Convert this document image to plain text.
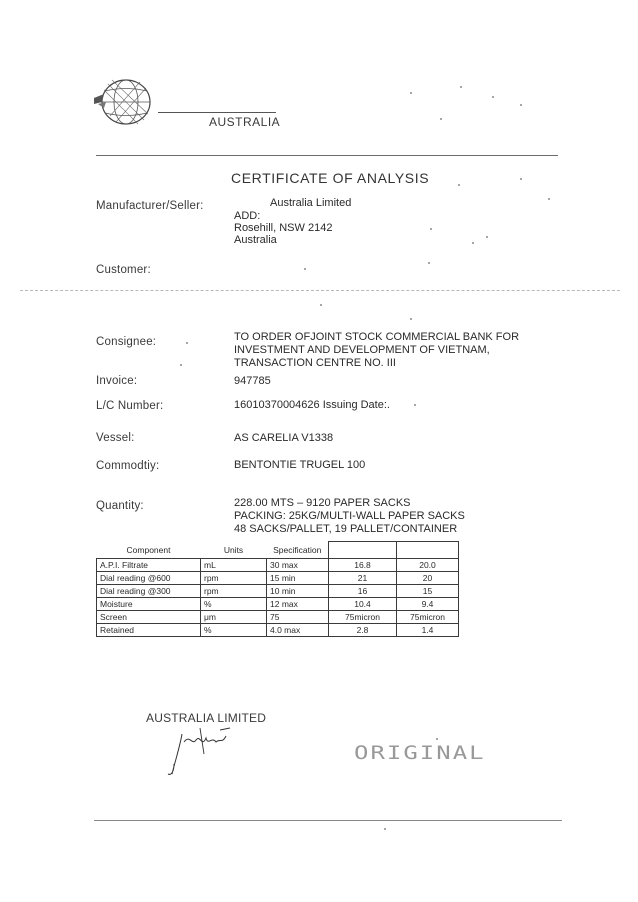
AUSTRALIA
CERTIFICATE OF ANALYSIS
Manufacturer/Seller:	Australia Limited
ADD:
Rosehill, NSW 2142
Australia
Customer:
Consignee:	TO ORDER OFJOINT STOCK COMMERCIAL BANK FOR
INVESTMENT AND DEVELOPMENT OF VIETNAM,
TRANSACTION CENTRE NO. III
Invoice:	947785
L/C Number:	16010370004626 Issuing Date:.
Vessel:	AS CARELIA V1338
Commodtiy:	BENTONTIE TRUGEL 100
Quantity:	228.00 MTS – 9120 PAPER SACKS
PACKING: 25KG/MULTI-WALL PAPER SACKS
48 SACKS/PALLET, 19 PALLET/CONTAINER
Component	Units	Specification		
A.P.I. Filtrate	mL	30 max	16.8	20.0
Dial reading @600	rpm	15 min	21	20
Dial reading @300	rpm	10 min	16	15
Moisture	%	12 max	10.4	9.4
Screen	μm	75	75micron	75micron
Retained	%	4.0 max	2.8	1.4
AUSTRALIA LIMITED
ORIGINAL
